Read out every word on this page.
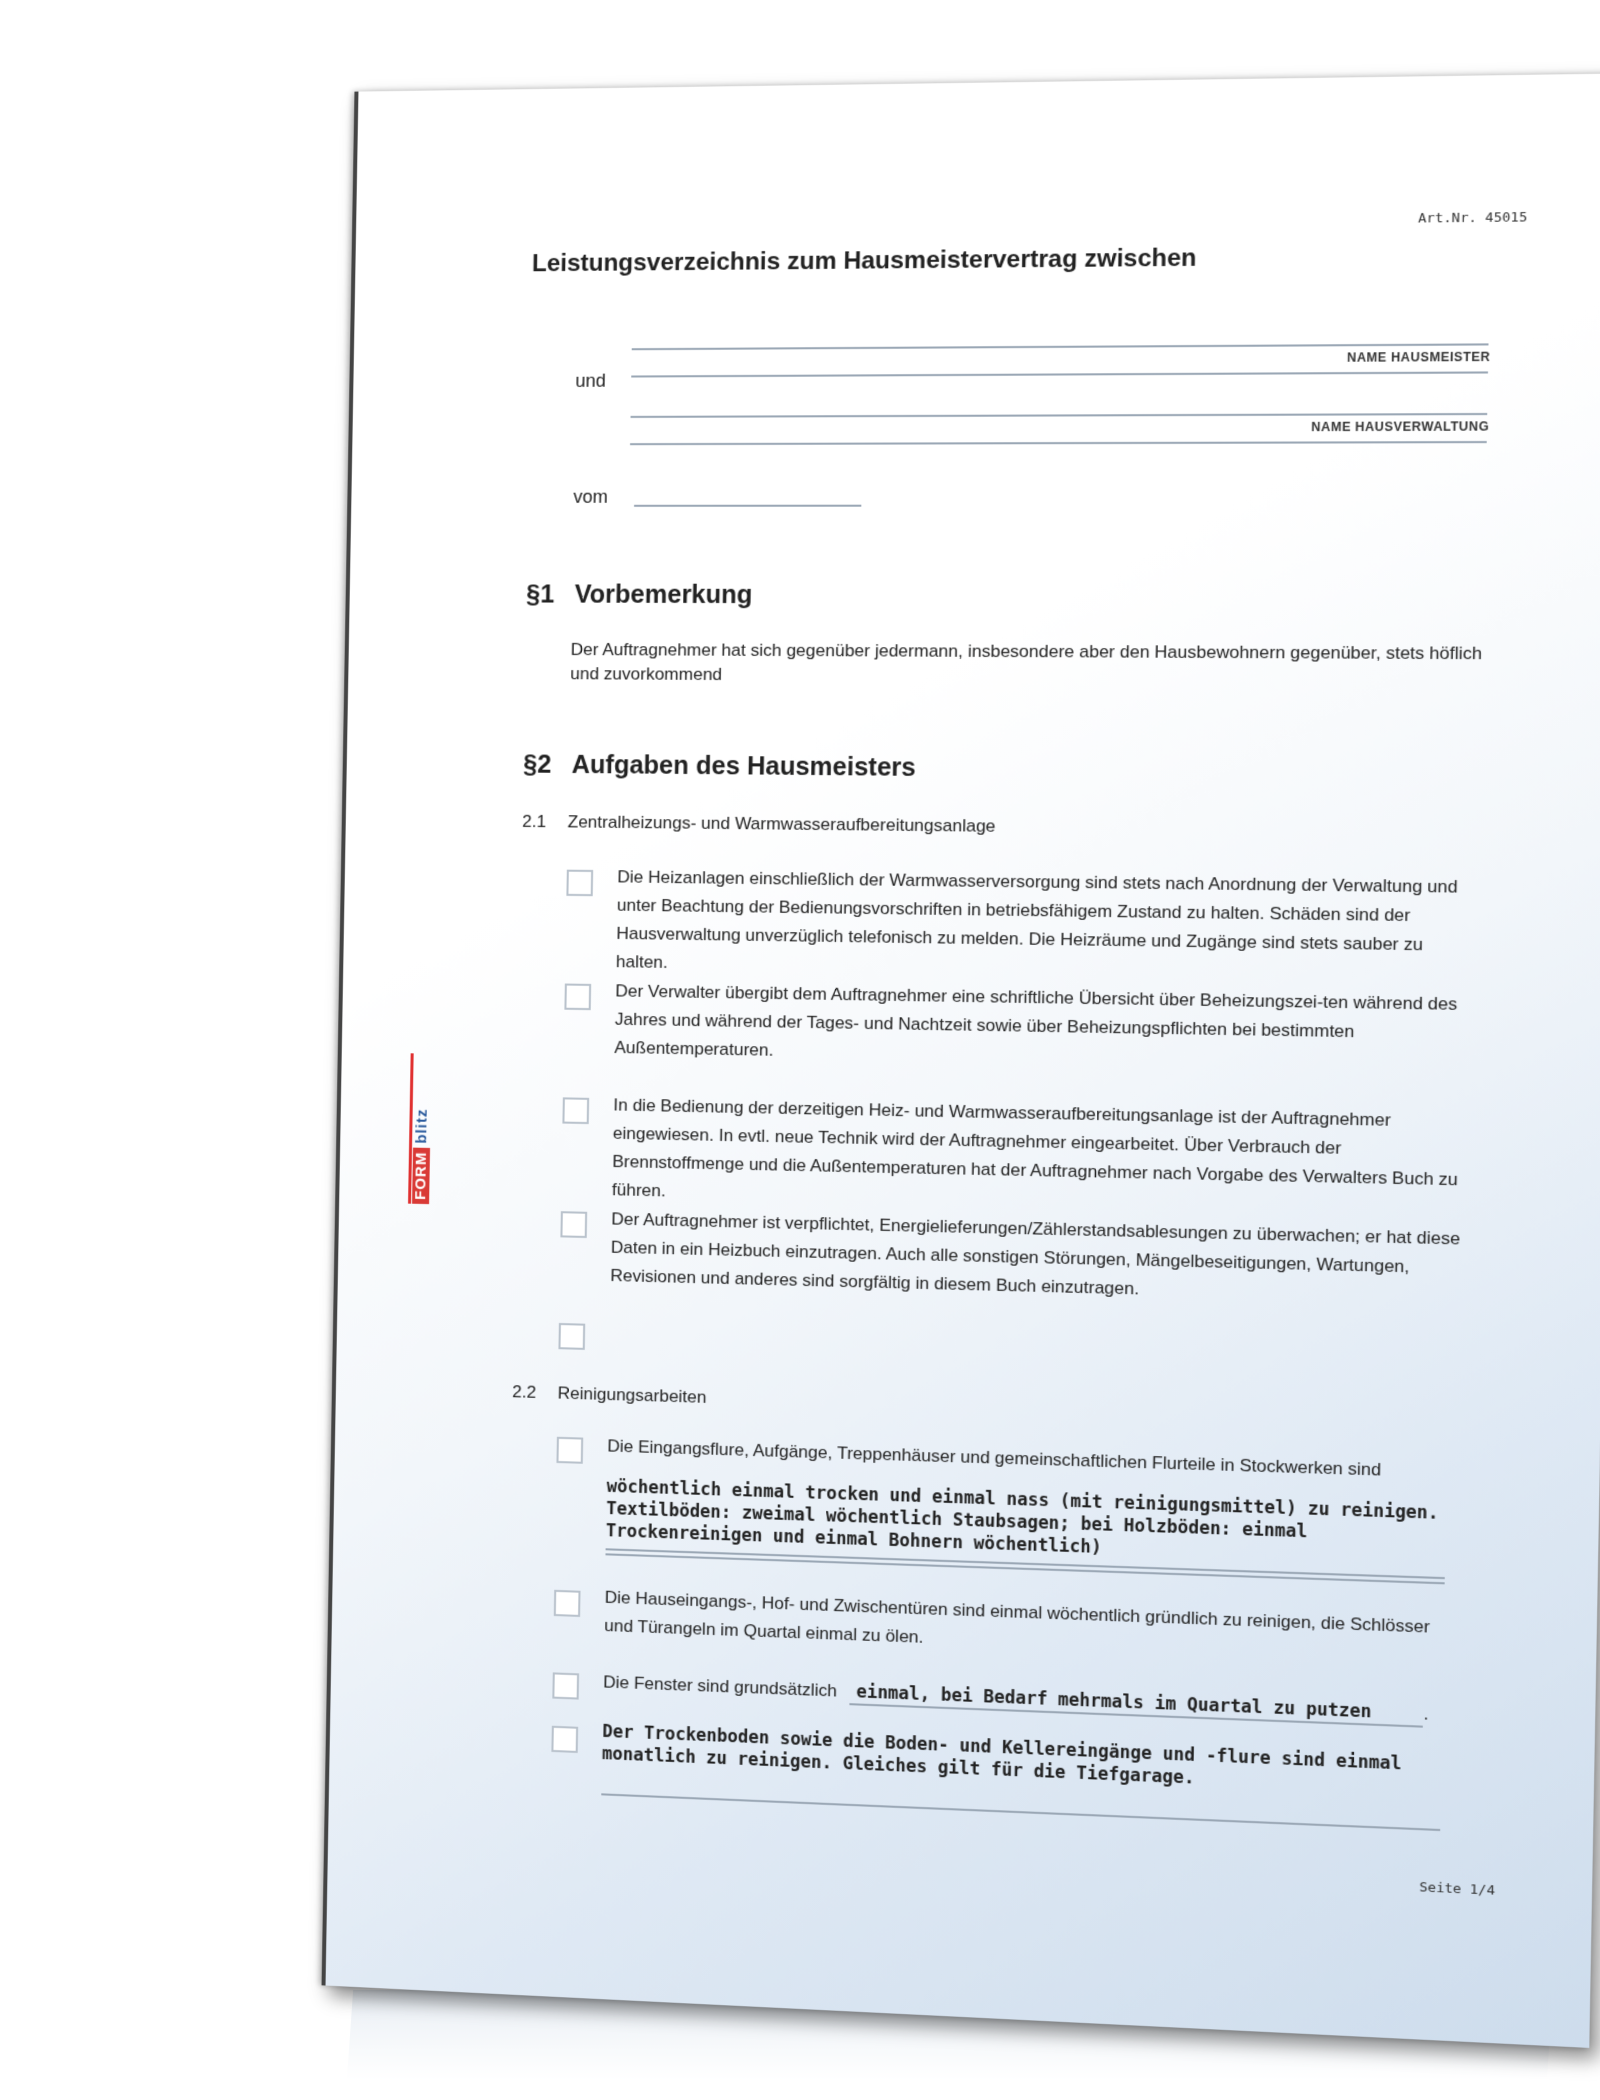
Art.Nr. 45015
Leistungsverzeichnis zum Hausmeistervertrag zwischen
NAME HAUSMEISTER
und
NAME HAUSVERWALTUNG
vom
§1 Vorbemerkung
Der Auftragnehmer hat sich gegenüber jedermann, insbesondere aber den Hausbewohnern gegenüber, stets höflich und zuvorkommend
§2 Aufgaben des Hausmeisters
2.1 Zentralheizungs- und Warmwasseraufbereitungsanlage
Die Heizanlagen einschließlich der Warmwasserversorgung sind stets nach Anordnung der Verwaltung und unter Beachtung der Bedienungsvorschriften in betriebsfähigem Zustand zu halten. Schäden sind der Hausverwaltung unverzüglich telefonisch zu melden. Die Heizräume und Zugänge sind stets sauber zu halten.
Der Verwalter übergibt dem Auftragnehmer eine schriftliche Übersicht über Beheizungszei-ten während des Jahres und während der Tages- und Nachtzeit sowie über Beheizungspflichten bei bestimmten Außentemperaturen.
In die Bedienung der derzeitigen Heiz- und Warmwasseraufbereitungsanlage ist der Auftragnehmer eingewiesen. In evtl. neue Technik wird der Auftragnehmer eingearbeitet. Über Verbrauch der Brennstoffmenge und die Außentemperaturen hat der Auftragnehmer nach Vorgabe des Verwalters Buch zu führen.
Der Auftragnehmer ist verpflichtet, Energielieferungen/Zählerstandsablesungen zu überwachen; er hat diese Daten in ein Heizbuch einzutragen. Auch alle sonstigen Störungen, Mängelbeseitigungen, Wartungen, Revisionen und anderes sind sorgfältig in diesem Buch einzutragen.
2.2 Reinigungsarbeiten
Die Eingangsflure, Aufgänge, Treppenhäuser und gemeinschaftlichen Flurteile in Stockwerken sind
wöchentlich einmal trocken und einmal nass (mit reinigungsmittel) zu reinigen. Textilböden: zweimal wöchentlich Staubsagen; bei Holzböden: einmal Trockenreinigen und einmal Bohnern wöchentlich)
Die Hauseingangs-, Hof- und Zwischentüren sind einmal wöchentlich gründlich zu reinigen, die Schlösser und Türangeln im Quartal einmal zu ölen.
Die Fenster sind grundsätzlich einmal, bei Bedarf mehrmals im Quartal zu putzen	.
Der Trockenboden sowie die Boden- und Kellereingänge und -flure sind einmal monatlich zu reinigen. Gleiches gilt für die Tiefgarage.
Seite 1/4
FORM
blitz
